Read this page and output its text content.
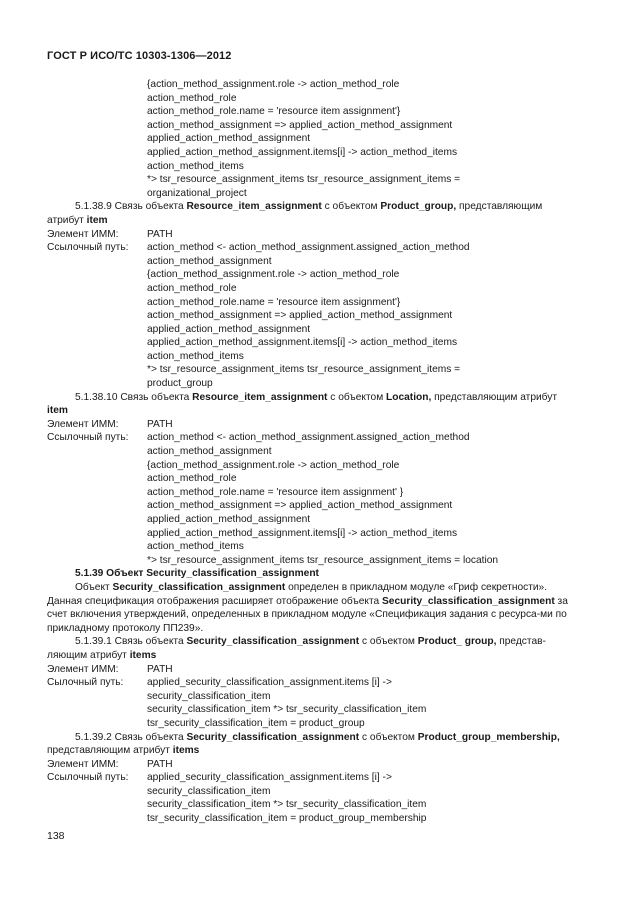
ГОСТ Р ИСО/ТС 10303-1306—2012
{action_method_assignment.role -> action_method_role
action_method_role
action_method_role.name = 'resource item assignment'}
action_method_assignment => applied_action_method_assignment
applied_action_method_assignment
applied_action_method_assignment.items[i] -> action_method_items
action_method_items
*> tsr_resource_assignment_items tsr_resource_assignment_items =
organizational_project
5.1.38.9 Связь объекта Resource_item_assignment с объектом Product_group, представляющим
атрибут item
Элемент ИММ:	PATH
Ссылочный путь:	action_method <- action_method_assignment.assigned_action_method
action_method_assignment
{action_method_assignment.role -> action_method_role
action_method_role
action_method_role.name = 'resource item assignment'}
action_method_assignment => applied_action_method_assignment
applied_action_method_assignment
applied_action_method_assignment.items[i] -> action_method_items
action_method_items
*> tsr_resource_assignment_items tsr_resource_assignment_items =
product_group
5.1.38.10 Связь объекта Resource_item_assignment с объектом Location, представляющим атрибут
item
Элемент ИММ:	PATH
Ссылочный путь:	action_method <- action_method_assignment.assigned_action_method
action_method_assignment
{action_method_assignment.role -> action_method_role
action_method_role
action_method_role.name = 'resource item assignment' }
action_method_assignment => applied_action_method_assignment
applied_action_method_assignment
applied_action_method_assignment.items[i] -> action_method_items
action_method_items
*> tsr_resource_assignment_items tsr_resource_assignment_items = location
5.1.39 Объект Security_classification_assignment
Объект Security_classification_assignment определен в прикладном модуле «Гриф секретности». Данная спецификация отображения расширяет отображение объекта Security_classification_assignment за счет включения утверждений, определенных в прикладном модуле «Спецификация задания с ресурса-ми по прикладному протоколу ПП239».
5.1.39.1 Связь объекта Security_classification_assignment с объектом Product_ group, представ-
ляющим атрибут items
Элемент ИММ:	PATH
Сылочный путь:	applied_security_classification_assignment.items [i] ->
security_classification_item
security_classification_item *> tsr_security_classification_item
tsr_security_classification_item = product_group
5.1.39.2 Связь объекта Security_classification_assignment с объектом Product_group_membership,
представляющим атрибут items
Элемент ИММ:	PATH
Ссылочный путь:	applied_security_classification_assignment.items [i] ->
security_classification_item
security_classification_item *> tsr_security_classification_item
tsr_security_classification_item = product_group_membership
138
